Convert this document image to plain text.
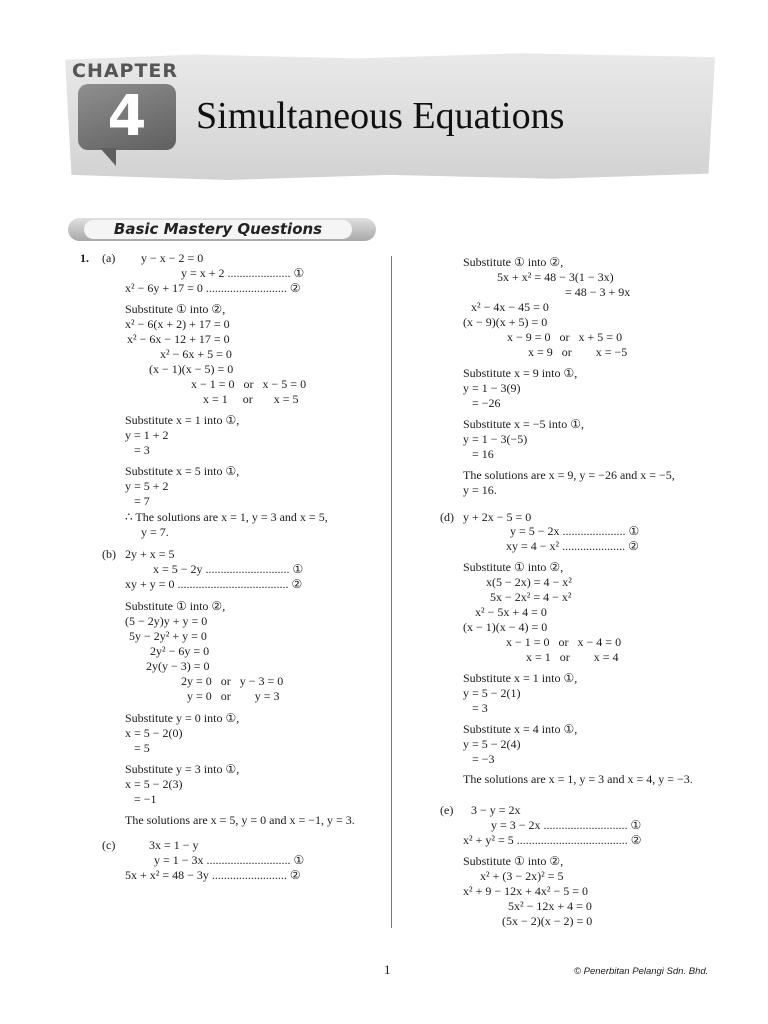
CHAPTER
4	Simultaneous Equations
Basic Mastery Questions
1. (a)
(b)
(c)
y − x − 2 = 0
y = x + 2 ..................... ①
x² − 6y + 17 = 0 ........................... ②
Substitute ① into ②,
x² − 6(x + 2) + 17 = 0
x² − 6x − 12 + 17 = 0
x² − 6x + 5 = 0
(x − 1)(x − 5) = 0
x − 1 = 0   or   x − 5 = 0
x = 1     or       x = 5
Substitute x = 1 into ①,
y = 1 + 2
= 3
Substitute x = 5 into ①,
y = 5 + 2
= 7
∴ The solutions are x = 1, y = 3 and x = 5,
y = 7.
2y + x = 5
x = 5 − 2y ............................ ①
xy + y = 0 ..................................... ②
Substitute ① into ②,
(5 − 2y)y + y = 0
5y − 2y² + y = 0
2y² − 6y = 0
2y(y − 3) = 0
2y = 0   or   y − 3 = 0
y = 0   or        y = 3
Substitute y = 0 into ①,
x = 5 − 2(0)
= 5
Substitute y = 3 into ①,
x = 5 − 2(3)
= −1
The solutions are x = 5, y = 0 and x = −1, y = 3.
3x = 1 − y
y = 1 − 3x ............................ ①
5x + x² = 48 − 3y ......................... ②
(d)
(e)
Substitute ① into ②,
5x + x² = 48 − 3(1 − 3x)
= 48 − 3 + 9x
x² − 4x − 45 = 0
(x − 9)(x + 5) = 0
x − 9 = 0   or   x + 5 = 0
x = 9   or        x = −5
Substitute x = 9 into ①,
y = 1 − 3(9)
= −26
Substitute x = −5 into ①,
y = 1 − 3(−5)
= 16
The solutions are x = 9, y = −26 and x = −5,
y = 16.
y + 2x − 5 = 0
y = 5 − 2x ..................... ①
xy = 4 − x² ..................... ②
Substitute ① into ②,
x(5 − 2x) = 4 − x²
5x − 2x² = 4 − x²
x² − 5x + 4 = 0
(x − 1)(x − 4) = 0
x − 1 = 0   or   x − 4 = 0
x = 1   or        x = 4
Substitute x = 1 into ①,
y = 5 − 2(1)
= 3
Substitute x = 4 into ①,
y = 5 − 2(4)
= −3
The solutions are x = 1, y = 3 and x = 4, y = −3.
3 − y = 2x
y = 3 − 2x ............................ ①
x² + y² = 5 ..................................... ②
Substitute ① into ②,
x² + (3 − 2x)² = 5
x² + 9 − 12x + 4x² − 5 = 0
5x² − 12x + 4 = 0
(5x − 2)(x − 2) = 0
1	© Penerbitan Pelangi Sdn. Bhd.
